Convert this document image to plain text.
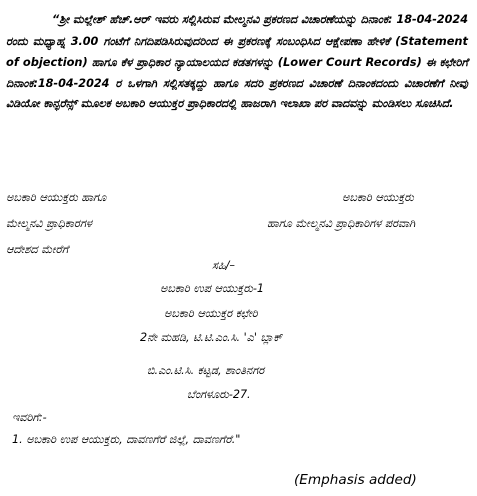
“ಶ್ರೀ ಮಲ್ಲೇಶ್ ಹೆಚ್.ಆರ್ ಇವರು ಸಲ್ಲಿಸಿರುವ ಮೇಲ್ಮನವಿ ಪ್ರಕರಣದ ವಿಚಾರಣೆಯನ್ನು ದಿನಾಂಕ: 18-04-2024 ರಂದು ಮಧ್ಯಾಹ್ನ 3.00 ಗಂಟೆಗೆ ನಿಗದಿಪಡಿಸಿರುವುದರಿಂದ ಈ ಪ್ರಕರಣಕ್ಕೆ ಸಂಬಂಧಿಸಿದ ಆಕ್ಷೇಪಣಾ ಹೇಳಿಕೆ (Statement of objection) ಹಾಗೂ ಕೆಳ ಪ್ರಾಧಿಕಾರ ನ್ಯಾಯಾಲಯದ ಕಡತಗಳನ್ನು (Lower Court Records) ಈ ಕಛೇರಿಗೆ ದಿನಾಂಕ:18-04-2024 ರ ಒಳಗಾಗಿ ಸಲ್ಲಿಸತಕ್ಕದ್ದು ಹಾಗೂ ಸದರಿ ಪ್ರಕರಣದ ವಿಚಾರಣೆ ದಿನಾಂಕದಂದು ವಿಚಾರಣೆಗೆ ನೀವು ವಿಡಿಯೋ ಕಾನ್ಫರೆನ್ಸ್ ಮೂಲಕ ಅಬಕಾರಿ ಆಯುಕ್ತರ ಪ್ರಾಧಿಕಾರದಲ್ಲಿ ಹಾಜರಾಗಿ ಇಲಾಖಾ ಪರ ವಾದವನ್ನು ಮಂಡಿಸಲು ಸೂಚಿಸಿದೆ.
ಅಬಕಾರಿ ಆಯುಕ್ತರು ಹಾಗೂ	ಅಬಕಾರಿ ಆಯುಕ್ತರು
ಮೇಲ್ಮನವಿ ಪ್ರಾಧಿಕಾರಗಳ	ಹಾಗೂ ಮೇಲ್ಮನವಿ ಪ್ರಾಧಿಕಾರಿಗಳ ಪರವಾಗಿ
ಆದೇಶದ ಮೇರೆಗೆ
ಸಹಿ/–
ಅಬಕಾರಿ ಉಪ ಆಯುಕ್ತರು-1
ಅಬಕಾರಿ ಆಯುಕ್ತರ ಕಛೇರಿ
2ನೇ ಮಹಡಿ, ಟಿ.ಟಿ.ಎಂ.ಸಿ. 'ಎ' ಬ್ಲಾಕ್
ಬಿ.ಎಂ.ಟಿ.ಸಿ. ಕಟ್ಟಡ, ಶಾಂತಿನಗರ
ಬೆಂಗಳೂರು-27.
ಇವರಿಗೆ:-
1. ಅಬಕಾರಿ ಉಪ ಆಯುಕ್ತರು, ದಾವಣಗೆರೆ ಜಿಲ್ಲೆ, ದಾವಣಗೆರೆ."
(Emphasis added)
